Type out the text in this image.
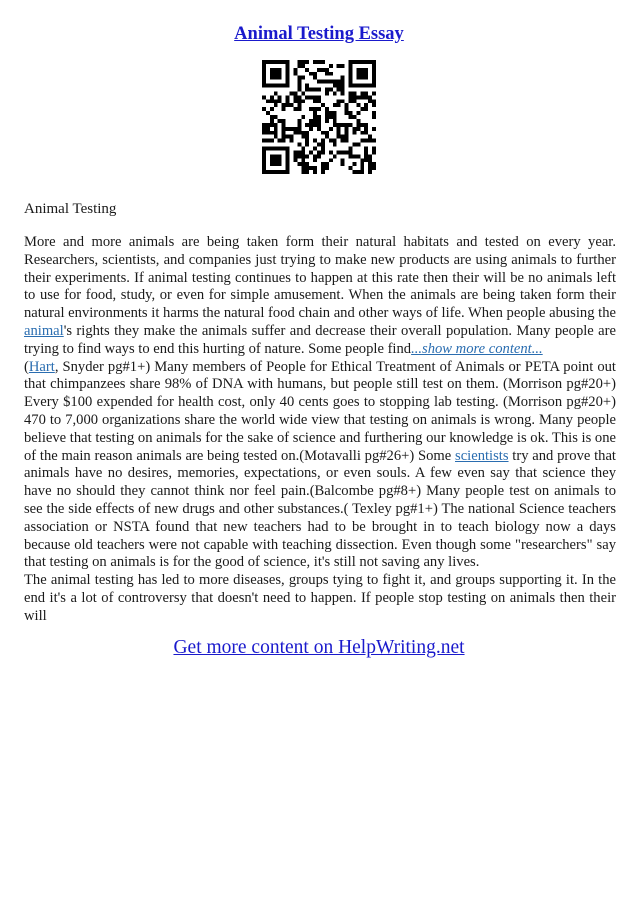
Animal Testing Essay
Animal Testing

More and more animals are being taken form their natural habitats and tested on every year. Researchers, scientists, and companies just trying to make new products are using animals to further their experiments. If animal testing continues to happen at this rate then their will be no animals left to use for food, study, or even for simple amusement. When the animals are being taken form their natural environments it harms the natural food chain and other ways of life. When people abusing the animal's rights they make the animals suffer and decrease their overall population. Many people are trying to find ways to end this hurting of nature. Some people find...show more content...
(Hart, Snyder pg#1+) Many members of People for Ethical Treatment of Animals or PETA point out that chimpanzees share 98% of DNA with humans, but people still test on them. (Morrison pg#20+) Every $100 expended for health cost, only 40 cents goes to stopping lab testing. (Morrison pg#20+) 470 to 7,000 organizations share the world wide view that testing on animals is wrong. Many people believe that testing on animals for the sake of science and furthering our knowledge is ok. This is one of the main reason animals are being tested on.(Motavalli pg#26+) Some scientists try and prove that animals have no desires, memories, expectations, or even souls. A few even say that science they have no should they cannot think nor feel pain.(Balcombe pg#8+) Many people test on animals to see the side effects of new drugs and other substances.( Texley pg#1+) The national Science teachers association or NSTA found that new teachers had to be brought in to teach biology now a days because old teachers were not capable with teaching dissection. Even though some "researchers" say that testing on animals is for the good of science, it's still not saving any lives.

The animal testing has led to more diseases, groups tying to fight it, and groups supporting it. In the end it's a lot of controversy that doesn't need to happen. If people stop testing on animals then their will

Get more content on HelpWriting.net
